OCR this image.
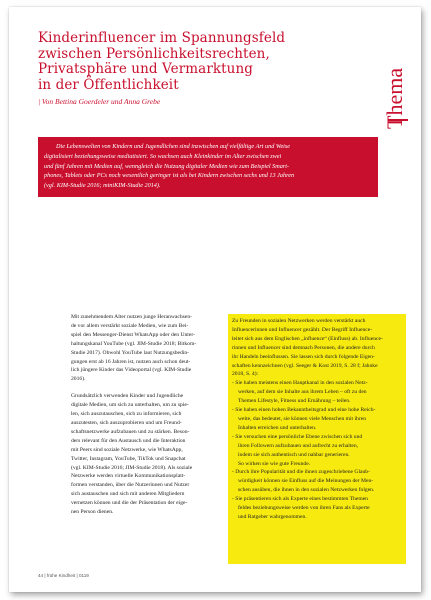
Kinderinfluencer im Spannungsfeld
zwischen Persönlichkeitsrechten,
Privatsphäre und Vermarktung
in der Öffentlichkeit
| Von Bettina Goerdeler und Anna Grebe	Thema
Die Lebenswelten von Kindern und Jugendlichen sind inzwischen auf vielfältige Art und Weise
digitalisiert beziehungsweise mediatisiert. So wachsen auch Kleinkinder im Alter zwischen zwei
und fünf Jahren mit Medien auf, wenngleich die Nutzung digitaler Medien wie zum Beispiel Smart-
phones, Tablets oder PCs noch wesentlich geringer ist als bei Kindern zwischen sechs und 13 Jahren
(vgl. KIM-Studie 2016; miniKIM-Studie 2014).

Mit zunehmendem Alter nutzen junge Heranwachsen-
de vor allem verstärkt soziale Medien, wie zum Bei-
spiel den Messenger-Dienst WhatsApp oder den Unter-
haltungskanal YouTube (vgl. JIM-Studie 2018; Bitkom-
Studie 2017). Obwohl YouTube laut Nutzungsbedin-
gungen erst ab 16 Jahren ist, nutzen auch schon deut-
lich jüngere Kinder das Videoportal (vgl. KIM-Studie
2016).

Grundsätzlich verwenden Kinder und Jugendliche
digitale Medien, um sich zu unterhalten, um zu spie-
len, sich auszutauschen, sich zu informieren, sich
auszutesten, sich auszuprobieren und um Freund-
schaftsnetzwerke aufzubauen und zu stärken. Beson-
ders relevant für den Austausch und die Interaktion
mit Peers sind soziale Netzwerke, wie WhatsApp,
Twitter, Instagram, YouTube, TikTok und Snapchat
(vgl. KIM-Studie 2016; JIM-Studie 2018). Als soziale
Netzwerke werden virtuelle Kommunikationsplatt-
formen verstanden, über die Nutzerinnen und Nutzer
sich austauschen und sich mit anderen Mitgliedern
vernetzen können und die der Präsentation der eige-
nen Person dienen.

Zu Freunden in sozialen Netzwerken werden verstärkt auch
Influencerinnen und Influencer gezählt. Der Begriff Influence-
leitet sich aus dem Englischen „influence“ (Einfluss) ab. Influence-
rinnen und Influencer sind demnach Personen, die andere durch
ihr Handeln beeinflussen. Sie lassen sich durch folgende Eigen-
schaften kennzeichnen (vgl. Seeger & Kost 2019, S. 28 f; Jahnke
2018, S. 4):
- Sie haben meistens einen Hauptkanal in den sozialen Netz-
werken, auf dem sie Inhalte aus ihrem Leben – oft zu den
Themen Lifestyle, Fitness und Ernährung – teilen.
- Sie haben einen hohen Bekanntheitsgrad und eine hohe Reich-
weite, das bedeutet, sie können viele Menschen mit ihren
Inhalten erreichen und unterhalten.
- Sie versuchen eine persönliche Ebene zwischen sich und
ihren Followern aufzubauen und aufrecht zu erhalten,
indem sie sich authentisch und nahbar generieren.
So wirken sie wie gute Freunde.
- Durch ihre Popularität und die ihnen zugeschriebene Glaub-
würdigkeit können sie Einfluss auf die Meinungen der Men-
schen ausüben, die ihnen in den sozialen Netzwerken folgen.
- Sie präsentieren sich als Experte eines bestimmten Themen
feldes beziehungsweise werden von ihren Fans als Experte
und Ratgeber wahrgenommen.
44 | frühe Kindheit | 0119
